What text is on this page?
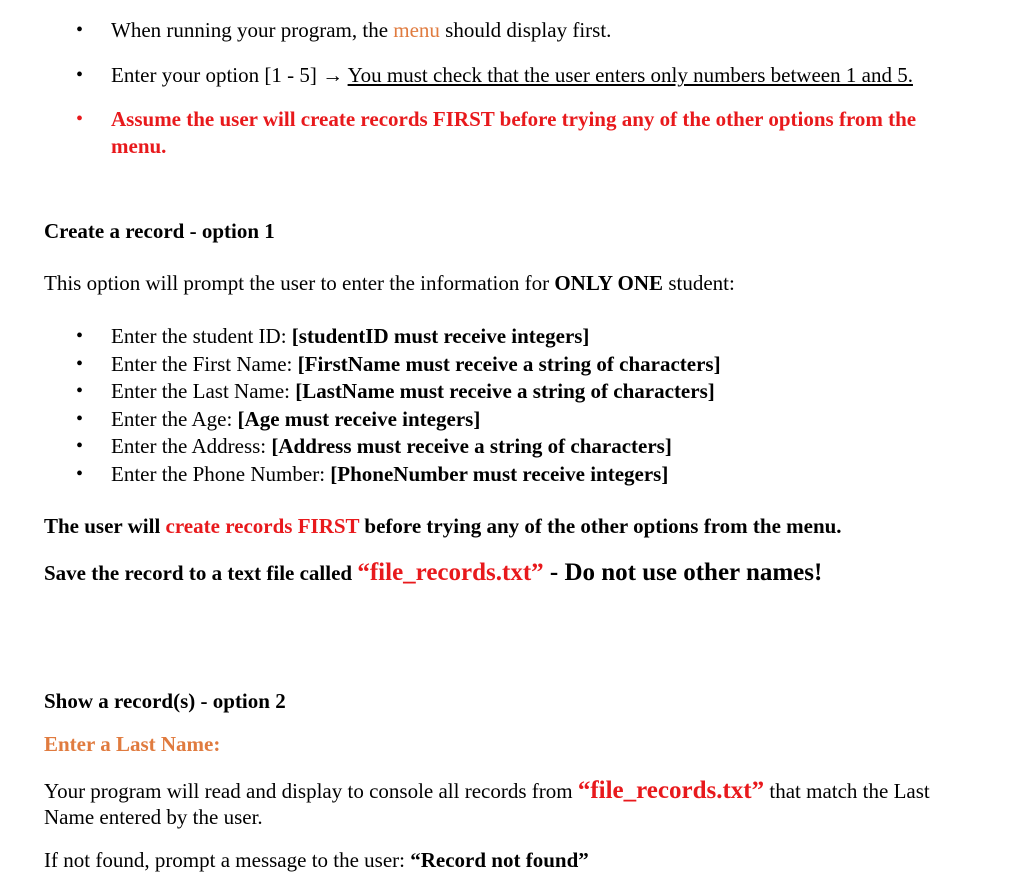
• When running your program, the menu should display first.
• Enter your option [1 - 5] → You must check that the user enters only numbers between 1 and 5.
• Assume the user will create records FIRST before trying any of the other options from the
menu.
Create a record - option 1
This option will prompt the user to enter the information for ONLY ONE student:
• Enter the student ID: [studentID must receive integers]
• Enter the First Name: [FirstName must receive a string of characters]
• Enter the Last Name: [LastName must receive a string of characters]
• Enter the Age: [Age must receive integers]
• Enter the Address: [Address must receive a string of characters]
• Enter the Phone Number: [PhoneNumber must receive integers]
The user will create records FIRST before trying any of the other options from the menu.
Save the record to a text file called “file_records.txt” - Do not use other names!
Show a record(s) - option 2
Enter a Last Name:
Your program will read and display to console all records from “file_records.txt” that match the Last
Name entered by the user.
If not found, prompt a message to the user: “Record not found”
